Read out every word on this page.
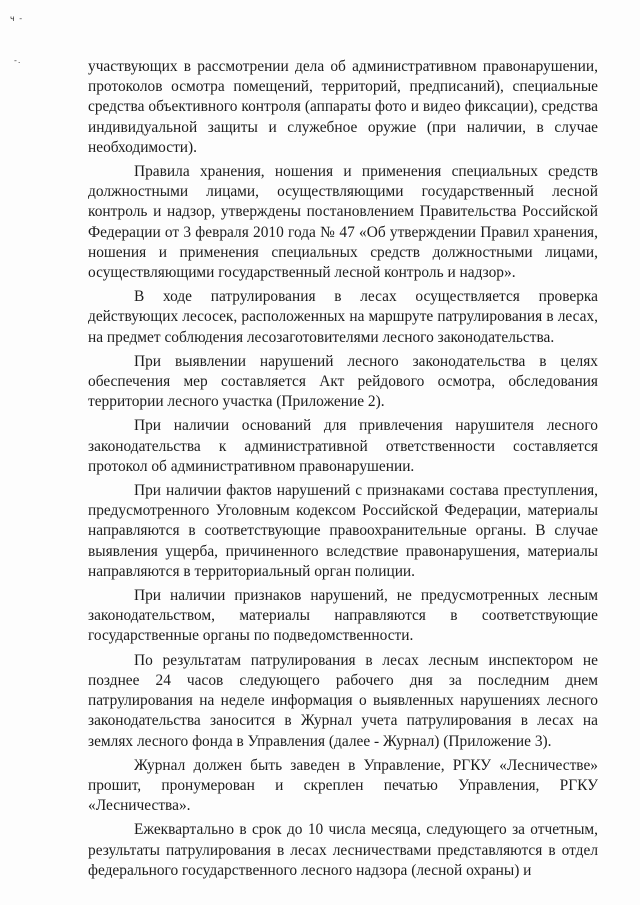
ч -
-.	участвующих в рассмотрении дела об административном правонарушении, протоколов осмотра помещений, территорий, предписаний), специальные средства объективного контроля (аппараты фото и видео фиксации), средства индивидуальной защиты и служебное оружие (при наличии, в случае необходимости).

Правила хранения, ношения и применения специальных средств должностными лицами, осуществляющими государственный лесной контроль и надзор, утверждены постановлением Правительства Российской Федерации от 3 февраля 2010 года № 47 «Об утверждении Правил хранения, ношения и применения специальных средств должностными лицами, осуществляющими государственный лесной контроль и надзор».

В ходе патрулирования в лесах осуществляется проверка действующих лесосек, расположенных на маршруте патрулирования в лесах, на предмет соблюдения лесозаготовителями лесного законодательства.

При выявлении нарушений лесного законодательства в целях обеспечения мер составляется Акт рейдового осмотра, обследования территории лесного участка (Приложение 2).

При наличии оснований для привлечения нарушителя лесного законодательства к административной ответственности составляется протокол об административном правонарушении.

При наличии фактов нарушений с признаками состава преступления, предусмотренного Уголовным кодексом Российской Федерации, материалы направляются в соответствующие правоохранительные органы. В случае выявления ущерба, причиненного вследствие правонарушения, материалы направляются в территориальный орган полиции.

При наличии признаков нарушений, не предусмотренных лесным законодательством, материалы направляются в соответствующие государственные органы по подведомственности.

По результатам патрулирования в лесах лесным инспектором не позднее 24 часов следующего рабочего дня за последним днем патрулирования на неделе информация о выявленных нарушениях лесного законодательства заносится в Журнал учета патрулирования в лесах на землях лесного фонда в Управления (далее - Журнал) (Приложение 3).

Журнал должен быть заведен в Управление, РГКУ «Лесничестве» прошит, пронумерован и скреплен печатью Управления, РГКУ «Лесничества».

Ежеквартально в срок до 10 числа месяца, следующего за отчетным, результаты патрулирования в лесах лесничествами представляются в отдел федерального государственного лесного надзора (лесной охраны) и
